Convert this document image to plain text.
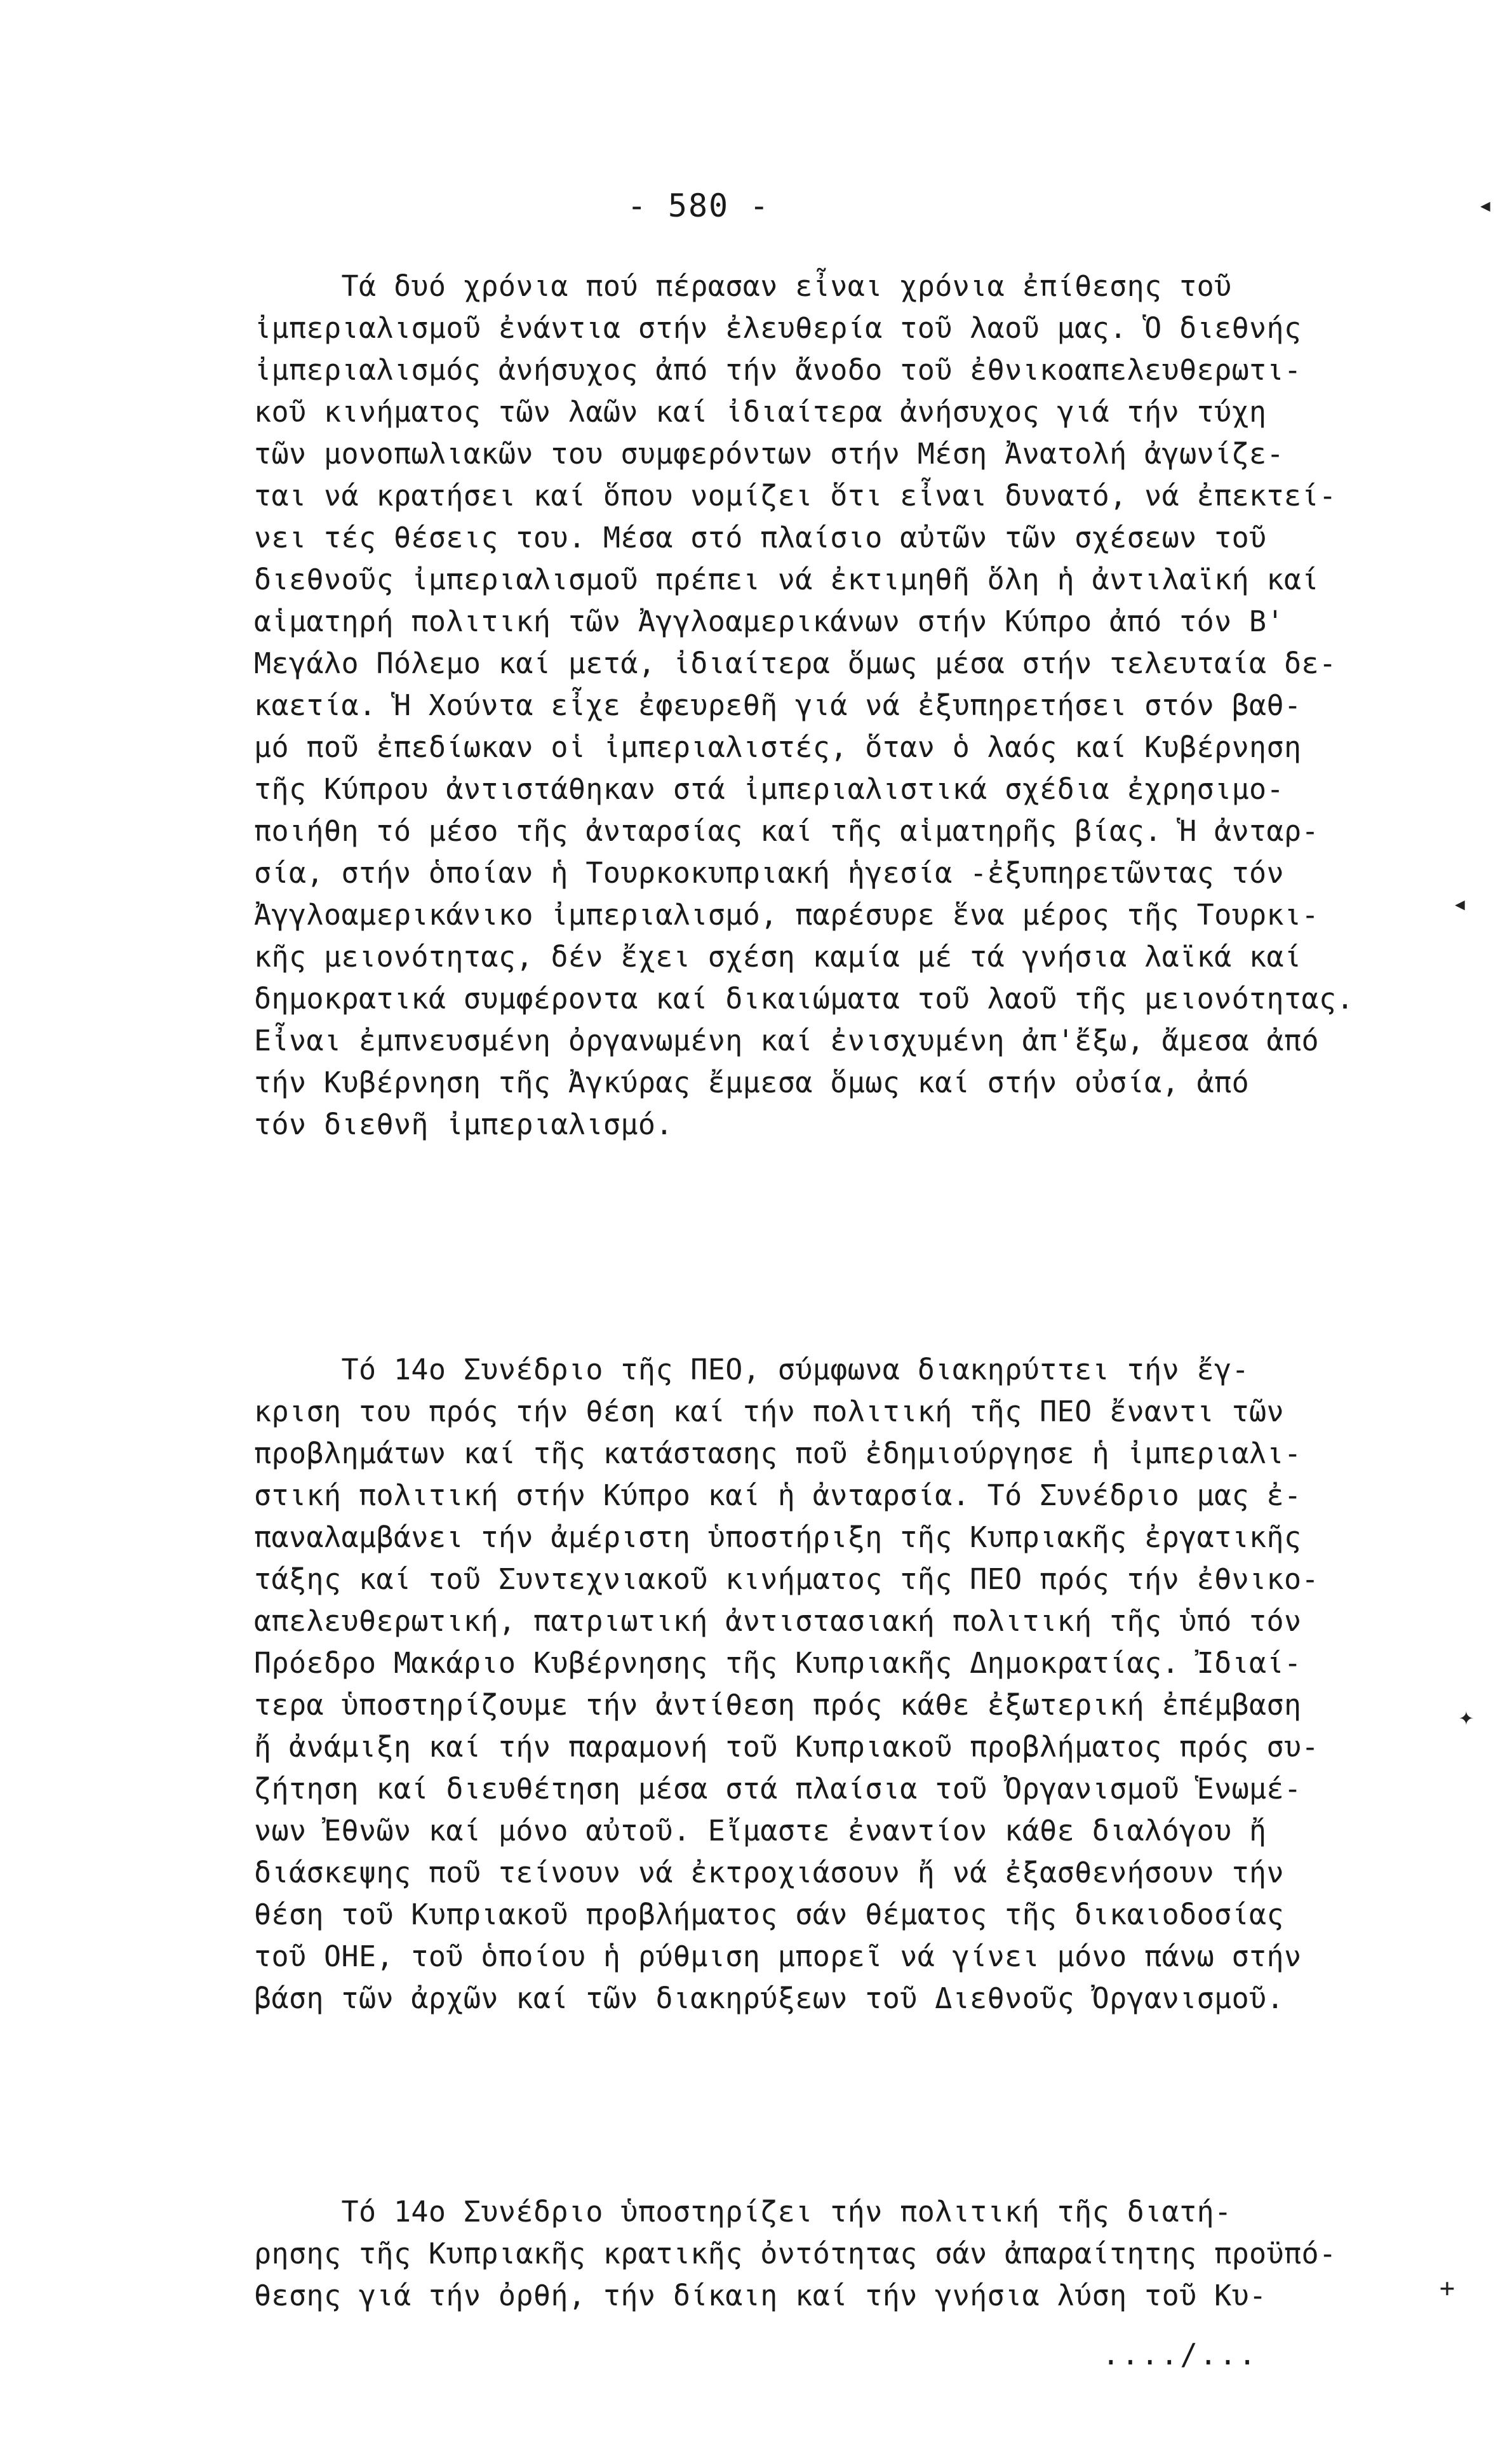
- 580 -
Τά δυό χρόνια πού πέρασαν εἶναι χρόνια ἐπίθεσης τοῦ
ἰμπεριαλισμοῦ ἐνάντια στήν ἐλευθερία τοῦ λαοῦ μας. Ὁ διεθνής
ἰμπεριαλισμός ἀνήσυχος ἀπό τήν ἄνοδο τοῦ ἐθνικοαπελευθερωτι-
κοῦ κινήματος τῶν λαῶν καί ἰδιαίτερα ἀνήσυχος γιά τήν τύχη
τῶν μονοπωλιακῶν του συμφερόντων στήν Μέση Ἀνατολή ἀγωνίζε-
ται νά κρατήσει καί ὅπου νομίζει ὅτι εἶναι δυνατό, νά ἐπεκτεί-
νει τές θέσεις του. Μέσα στό πλαίσιο αὐτῶν τῶν σχέσεων τοῦ
διεθνοῦς ἰμπεριαλισμοῦ πρέπει νά ἐκτιμηθῆ ὅλη ἡ ἀντιλαϊκή καί
αἱματηρή πολιτική τῶν Ἀγγλοαμερικάνων στήν Κύπρο ἀπό τόν Β'
Μεγάλο Πόλεμο καί μετά, ἰδιαίτερα ὅμως μέσα στήν τελευταία δε-
καετία. Ἡ Χούντα εἶχε ἐφευρεθῆ γιά νά ἐξυπηρετήσει στόν βαθ-
μό ποῦ ἐπεδίωκαν οἱ ἰμπεριαλιστές, ὅταν ὁ λαός καί Κυβέρνηση
τῆς Κύπρου ἀντιστάθηκαν στά ἰμπεριαλιστικά σχέδια ἐχρησιμο-
ποιήθη τό μέσο τῆς ἀνταρσίας καί τῆς αἱματηρῆς βίας. Ἡ ἀνταρ-
σία, στήν ὁποίαν ἡ Τουρκοκυπριακή ἡγεσία -ἐξυπηρετῶντας τόν
Ἀγγλοαμερικάνικο ἰμπεριαλισμό, παρέσυρε ἕνα μέρος τῆς Τουρκι-
κῆς μειονότητας, δέν ἔχει σχέση καμία μέ τά γνήσια λαϊκά καί
δημοκρατικά συμφέροντα καί δικαιώματα τοῦ λαοῦ τῆς μειονότητας.
Εἶναι ἐμπνευσμένη ὀργανωμένη καί ἐνισχυμένη ἀπ'ἔξω, ἄμεσα ἀπό
τήν Κυβέρνηση τῆς Ἀγκύρας ἔμμεσα ὅμως καί στήν οὐσία, ἀπό
τόν διεθνῆ ἰμπεριαλισμό.
Τό 14ο Συνέδριο τῆς ΠΕΟ, σύμφωνα διακηρύττει τήν ἔγ-
κριση του πρός τήν θέση καί τήν πολιτική τῆς ΠΕΟ ἔναντι τῶν
προβλημάτων καί τῆς κατάστασης ποῦ ἐδημιούργησε ἡ ἰμπεριαλι-
στική πολιτική στήν Κύπρο καί ἡ ἀνταρσία. Τό Συνέδριο μας ἐ-
παναλαμβάνει τήν ἀμέριστη ὑποστήριξη τῆς Κυπριακῆς ἐργατικῆς
τάξης καί τοῦ Συντεχνιακοῦ κινήματος τῆς ΠΕΟ πρός τήν ἐθνικο-
απελευθερωτική, πατριωτική ἀντιστασιακή πολιτική τῆς ὑπό τόν
Πρόεδρο Μακάριο Κυβέρνησης τῆς Κυπριακῆς Δημοκρατίας. Ἰδιαί-
τερα ὑποστηρίζουμε τήν ἀντίθεση πρός κάθε ἐξωτερική ἐπέμβαση
ἤ ἀνάμιξη καί τήν παραμονή τοῦ Κυπριακοῦ προβλήματος πρός συ-
ζήτηση καί διευθέτηση μέσα στά πλαίσια τοῦ Ὀργανισμοῦ Ἑνωμέ-
νων Ἐθνῶν καί μόνο αὐτοῦ. Εἴμαστε ἐναντίον κάθε διαλόγου ἤ
διάσκεψης ποῦ τείνουν νά ἐκτροχιάσουν ἤ νά ἐξασθενήσουν τήν
θέση τοῦ Κυπριακοῦ προβλήματος σάν θέματος τῆς δικαιοδοσίας
τοῦ ΟΗΕ, τοῦ ὁποίου ἡ ρύθμιση μπορεῖ νά γίνει μόνο πάνω στήν
βάση τῶν ἀρχῶν καί τῶν διακηρύξεων τοῦ Διεθνοῦς Ὀργανισμοῦ.
Τό 14ο Συνέδριο ὑποστηρίζει τήν πολιτική τῆς διατή-
ρησης τῆς Κυπριακῆς κρατικῆς ὀντότητας σάν ἀπαραίτητης προϋπό-
θεσης γιά τήν ὀρθή, τήν δίκαιη καί τήν γνήσια λύση τοῦ Κυ-
..../...
◂
◂
✦
+
